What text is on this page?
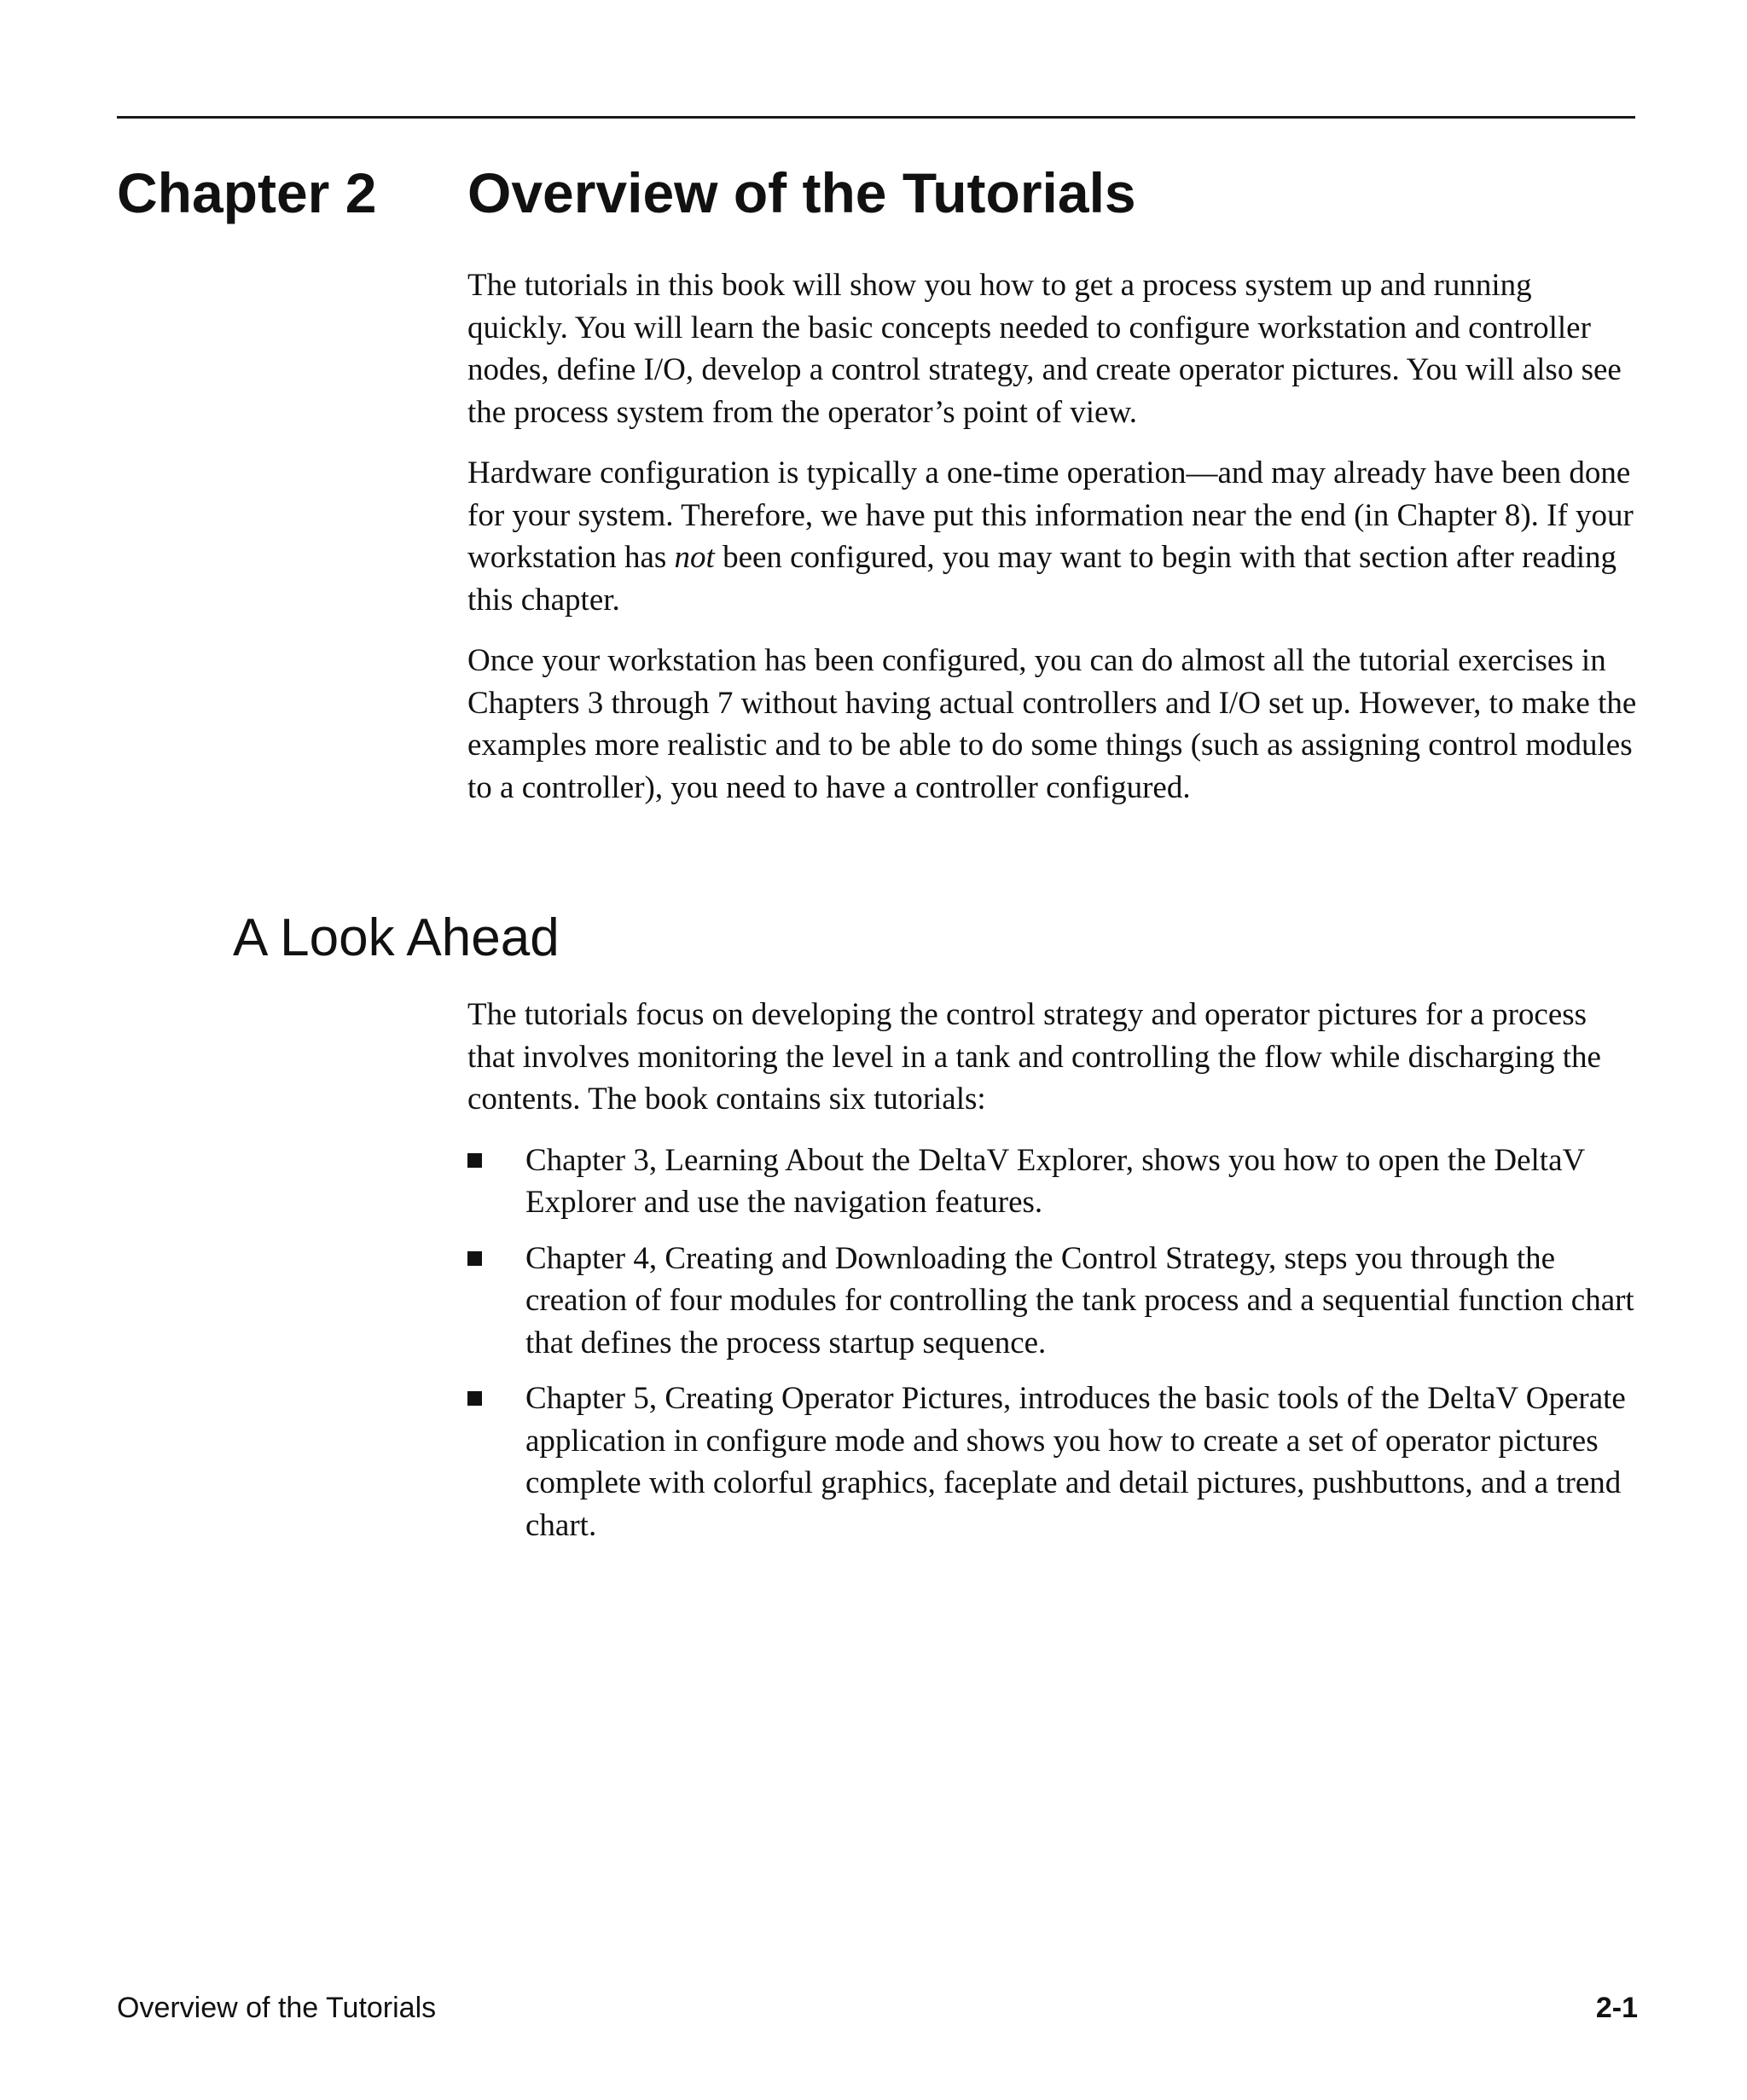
Chapter 2 Overview of the Tutorials

The tutorials in this book will show you how to get a process system up and running quickly. You will learn the basic concepts needed to configure workstation and controller nodes, define I/O, develop a control strategy, and create operator pictures. You will also see the process system from the operator’s point of view.

Hardware configuration is typically a one-time operation—and may already have been done for your system. Therefore, we have put this information near the end (in Chapter 8). If your workstation has not been configured, you may want to begin with that section after reading this chapter.

Once your workstation has been configured, you can do almost all the tutorial exercises in Chapters 3 through 7 without having actual controllers and I/O set up. However, to make the examples more realistic and to be able to do some things (such as assigning control modules to a controller), you need to have a controller configured.

A Look Ahead

The tutorials focus on developing the control strategy and operator pictures for a process that involves monitoring the level in a tank and controlling the flow while discharging the contents. The book contains six tutorials:

Chapter 3, Learning About the DeltaV Explorer, shows you how to open the DeltaV Explorer and use the navigation features.
Chapter 4, Creating and Downloading the Control Strategy, steps you through the creation of four modules for controlling the tank process and a sequential function chart that defines the process startup sequence.
Chapter 5, Creating Operator Pictures, introduces the basic tools of the DeltaV Operate application in configure mode and shows you how to create a set of operator pictures complete with colorful graphics, faceplate and detail pictures, pushbuttons, and a trend chart.
Overview of the Tutorials	2-1
